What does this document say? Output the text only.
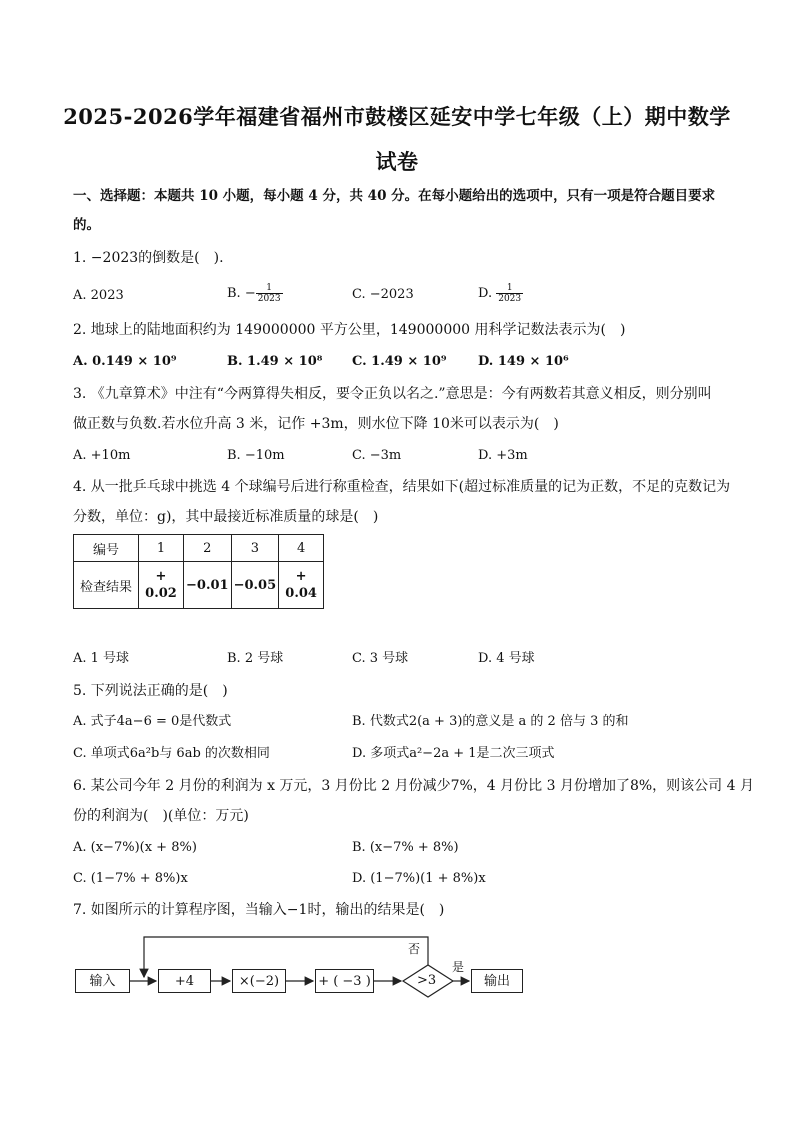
2025-2026学年福建省福州市鼓楼区延安中学七年级（上）期中数学
试卷
一、选择题：本题共 10 小题，每小题 4 分，共 40 分。在每小题给出的选项中，只有一项是符合题目要求
的。
1. −2023的倒数是(　).
A. 2023	B. − $\frac{1}{2023}$	C. −2023	D. $\frac{1}{2023}$
2. 地球上的陆地面积约为 149000000 平方公里，149000000 用科学记数法表示为(　)
A. 0.149 × 10⁹	B. 1.49 × 10⁸ C. 1.49 × 10⁹ D. 149 × 10⁶
3. 《九章算术》中注有“今两算得失相反，要令正负以名之.”意思是：今有两数若其意义相反，则分别叫
做正数与负数.若水位升高 3 米，记作 +3m，则水位下降 10米可以表示为(　)
A. +10m	B. −10m	C. −3m	D. +3m
4. 从一批乒乓球中挑选 4 个球编号后进行称重检查，结果如下(超过标准质量的记为正数，不足的克数记为
分数，单位：g)，其中最接近标准质量的球是(　)
编号	1	2	3	4
检查结果	+
0.02	−0.01	−0.05	+
0.04
A. 1 号球	B. 2 号球	C. 3 号球	D. 4 号球
5. 下列说法正确的是(　)
A. 式子4a−6 = 0是代数式	B. 代数式2(a + 3)的意义是 a 的 2 倍与 3 的和
C. 单项式6a²b与 6ab 的次数相同	D. 多项式a²−2a + 1是二次三项式
6. 某公司今年 2 月份的利润为 x 万元，3 月份比 2 月份减少7%，4 月份比 3 月份增加了8%，则该公司 4 月
份的利润为(　)(单位：万元)
A. (x−7%)(x + 8%)	B. (x−7% + 8%)
C. (1−7% + 8%)x	D. (1−7%)(1 + 8%)x
7. 如图所示的计算程序图，当输入−1时，输出的结果是(　)
输入	+4	×(−2)	+ ( −3 )	>3
否
是
输出
